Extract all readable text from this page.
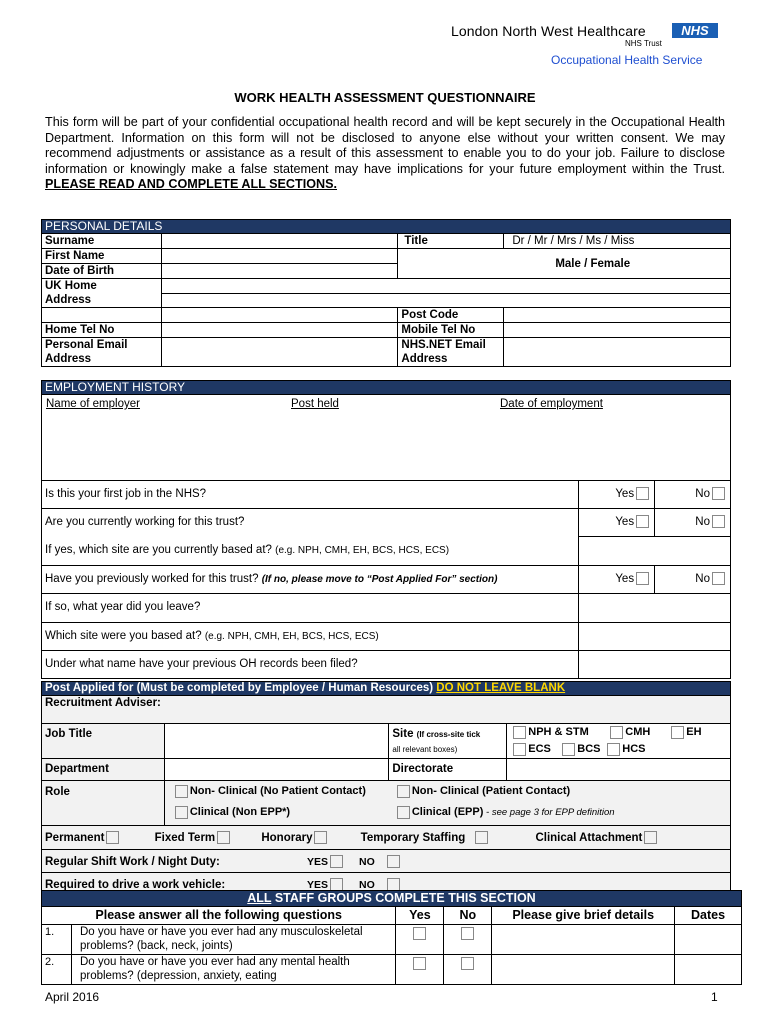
London North West Healthcare	NHS
NHS Trust
Occupational Health Service
WORK HEALTH ASSESSMENT QUESTIONNAIRE
This form will be part of your confidential occupational health record and will be kept securely in the Occupational Health Department. Information on this form will not be disclosed to anyone else without your written consent. We may recommend adjustments or assistance as a result of this assessment to enable you to do your job. Failure to disclose information or knowingly make a false statement may have implications for your future employment within the Trust. PLEASE READ AND COMPLETE ALL SECTIONS.
PERSONAL DETAILS			
Surname		Title	Dr / Mr / Mrs / Ms / Miss
First Name		Male / Female	
Date of Birth			
UK Home
Address			

		Post Code	
Home Tel No		Mobile Tel No	
Personal Email
Address		NHS.NET Email
Address	
EMPLOYMENT HISTORY		

Name of employer Post held Date of employment		

Is this your first job in the NHS?	Yes	No
Are you currently working for this trust?	Yes	No
If yes, which site are you currently based at? (e.g. NPH, CMH, EH, BCS, HCS, ECS)		
Have you previously worked for this trust? (If no, please move to “Post Applied For” section)	Yes	No
If so, what year did you leave?		
Which site were you based at? (e.g. NPH, CMH, EH, BCS, HCS, ECS)		
Under what name have your previous OH records been filed?		
Post Applied for (Must be completed by Employee / Human Resources) DO NOT LEAVE BLANK			
Recruitment Adviser:			
Job Title		Site (If cross-site tick
all relevant boxes)	NPH & STM CMH EH
ECS BCS HCS
Department		Directorate	
Role	Non- Clinical (No Patient Contact) Non- Clinical (Patient Contact)
Clinical (Non EPP*) Clinical (EPP) - see page 3 for EPP definition		
Permanent Fixed Term Honorary Temporary Staffing Clinical Attachment			
Regular Shift Work / Night Duty: YES NO			
Required to drive a work vehicle: YES NO			
ALL STAFF GROUPS COMPLETE THIS SECTION					
Please answer all the following questions		Yes	No	Please give brief details	Dates
1.	Do you have or have you ever had any musculoskeletal problems? (back, neck, joints)				
2.	Do you have or have you ever had any mental health problems? (depression, anxiety, eating				
April 2016	1
